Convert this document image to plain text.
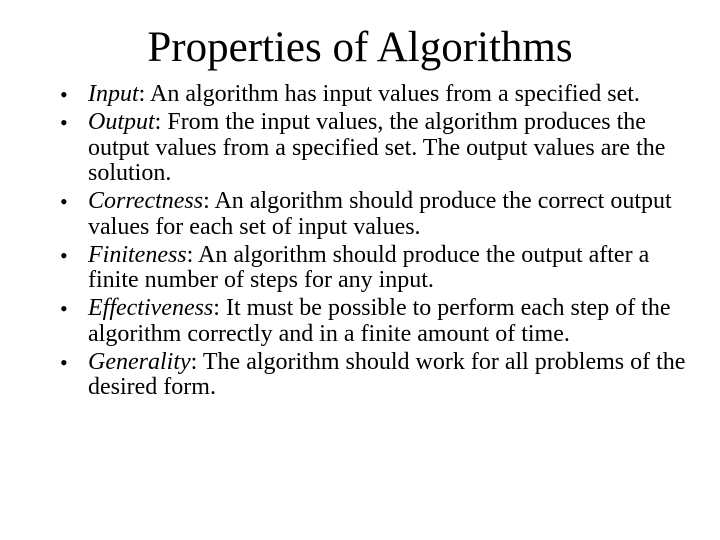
Properties of Algorithms
• Input: An algorithm has input values from a specified set.
• Output: From the input values, the algorithm produces the output values from a specified set. The output values are the solution.
• Correctness: An algorithm should produce the correct output values for each set of input values.
• Finiteness: An algorithm should produce the output after a finite number of steps for any input.
• Effectiveness: It must be possible to perform each step of the algorithm correctly and in a finite amount of time.
• Generality: The algorithm should work for all problems of the desired form.
